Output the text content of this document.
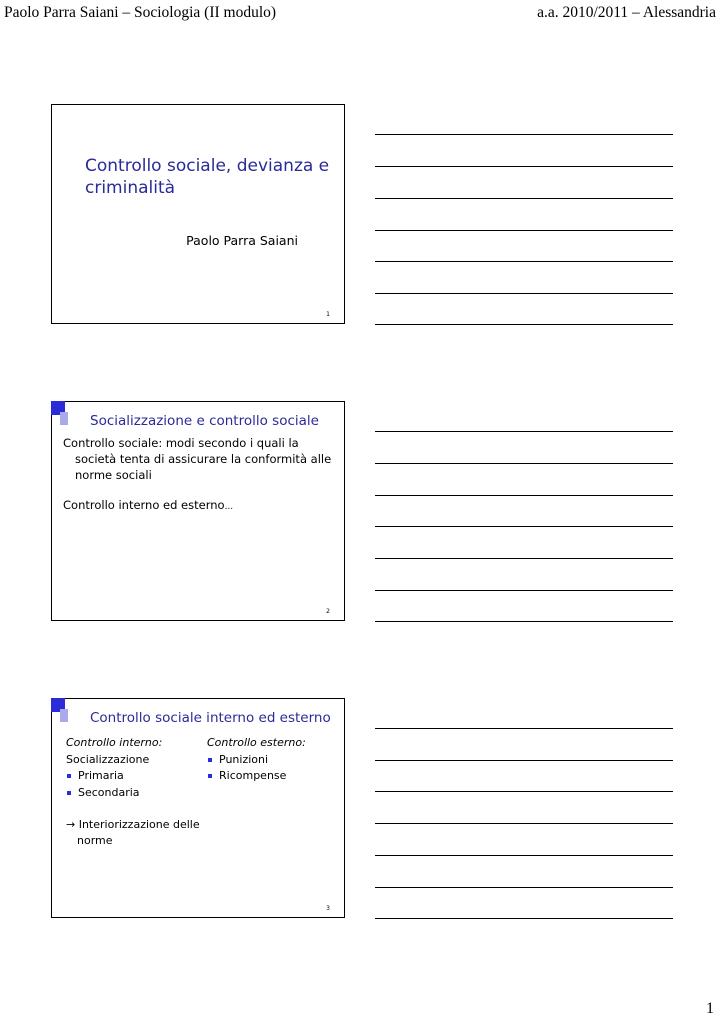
Paolo Parra Saiani – Sociologia (II modulo)	a.a. 2010/2011 – Alessandria
Controllo sociale, devianza e criminalità
Paolo Parra Saiani
1
Socializzazione e controllo sociale
Controllo sociale: modi secondo i quali la società tenta di assicurare la conformità alle norme sociali
Controllo interno ed esterno…
2
Controllo sociale interno ed esterno
Controllo interno:
Socializzazione
Primaria
Secondaria
→ Interiorizzazione delle
norme
Controllo esterno:
Punizioni
Ricompense
3
1
